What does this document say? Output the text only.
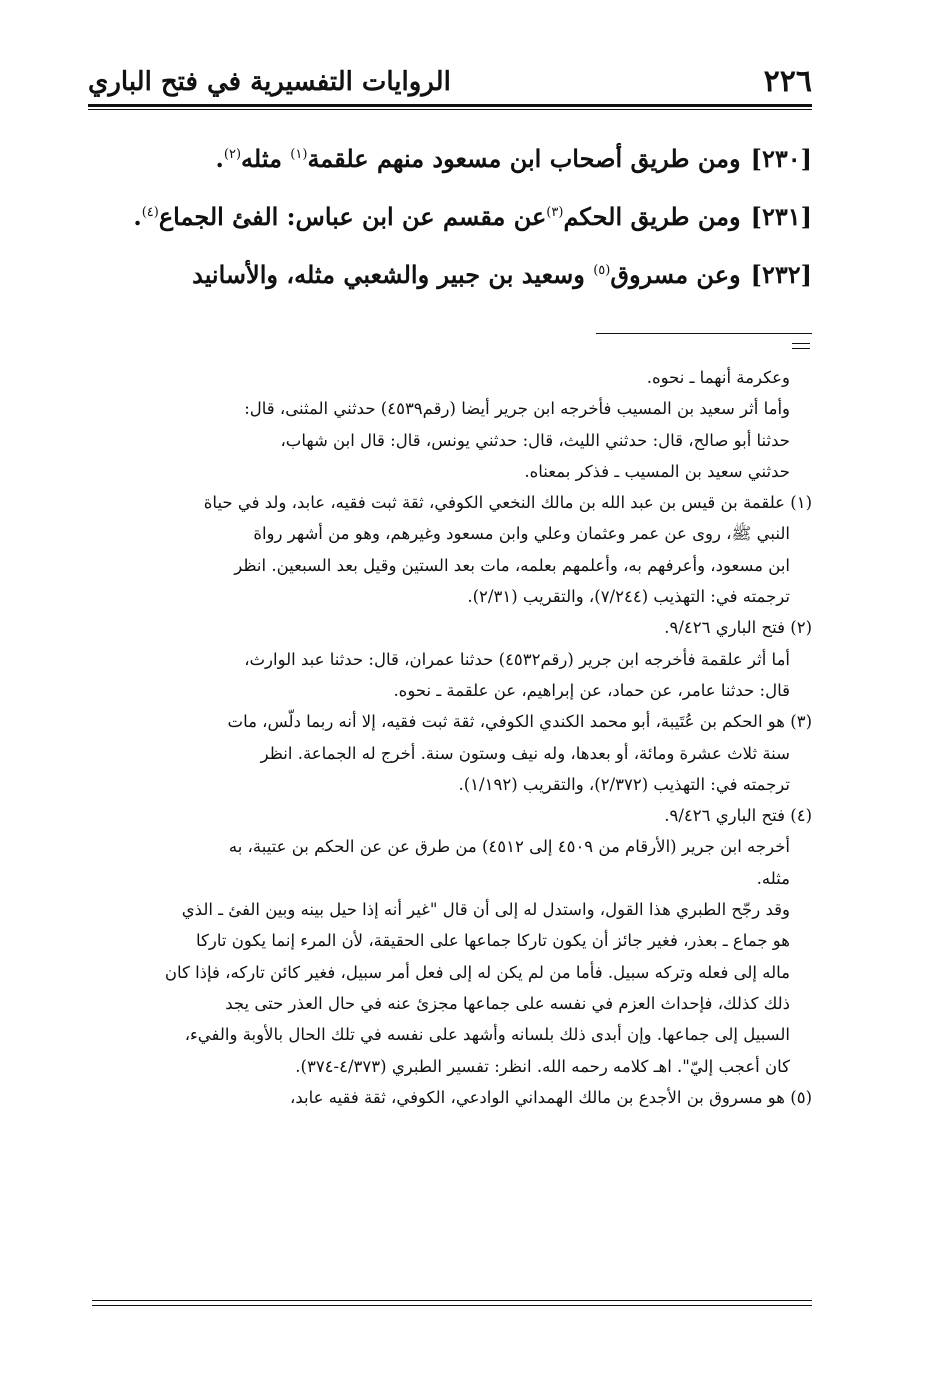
٢٢٦
الروايات التفسيرية في فتح الباري
[٢٣٠]ومن طريق أصحاب ابن مسعود منهم علقمة$^{(١)}$ مثله$^{(٢)}$.
[٢٣١]ومن طريق الحكم$^{(٣)}$عن مقسم عن ابن عباس: الفئ الجماع$^{(٤)}$.
[٢٣٢]وعن مسروق$^{(٥)}$ وسعيد بن جبير والشعبي مثله، والأسانيد
وعكرمة أنهما ـ نحوه.
وأما أثر سعيد بن المسيب فأخرجه ابن جرير أيضا (رقم٤٥٣٩) حدثني المثنى، قال:
حدثنا أبو صالح، قال: حدثني الليث، قال: حدثني يونس، قال: قال ابن شهاب،
حدثني سعيد بن المسيب ـ فذكر بمعناه.
(١) علقمة بن قيس بن عبد الله بن مالك النخعي الكوفي، ثقة ثبت فقيه، عابد، ولد في حياة
النبي ﷺ، روى عن عمر وعثمان وعلي وابن مسعود وغيرهم، وهو من أشهر رواة
ابن مسعود، وأعرفهم به، وأعلمهم بعلمه، مات بعد الستين وقيل بعد السبعين. انظر
ترجمته في: التهذيب (٧/٢٤٤)، والتقريب (٢/٣١).
(٢) فتح الباري ٩/٤٢٦.
أما أثر علقمة فأخرجه ابن جرير (رقم٤٥٣٢) حدثنا عمران، قال: حدثنا عبد الوارث،
قال: حدثنا عامر، عن حماد، عن إبراهيم، عن علقمة ـ نحوه.
(٣) هو الحكم بن عُتَيبة، أبو محمد الكندي الكوفي، ثقة ثبت فقيه، إلا أنه ربما دلّس، مات
سنة ثلاث عشرة ومائة، أو بعدها، وله نيف وستون سنة. أخرج له الجماعة. انظر
ترجمته في: التهذيب (٢/٣٧٢)، والتقريب (١/١٩٢).
(٤) فتح الباري ٩/٤٢٦.
أخرجه ابن جرير (الأرقام من ٤٥٠٩ إلى ٤٥١٢) من طرق عن عن الحكم بن عتيبة، به
مثله.
وقد رجّح الطبري هذا القول، واستدل له إلى أن قال "غير أنه إذا حيل بينه وبين الفئ ـ الذي
هو جماع ـ بعذر، فغير جائز أن يكون تاركا جماعها على الحقيقة، لأن المرء إنما يكون تاركا
ماله إلى فعله وتركه سبيل. فأما من لم يكن له إلى فعل أمر سبيل، فغير كائن تاركه، فإذا كان
ذلك كذلك، فإحداث العزم في نفسه على جماعها مجزئ عنه في حال العذر حتى يجد
السبيل إلى جماعها. وإن أبدى ذلك بلسانه وأشهد على نفسه في تلك الحال بالأوبة والفيء،
كان أعجب إليّ". اهـ كلامه رحمه الله. انظر: تفسير الطبري (٤/٣٧٣-٣٧٤).
(٥) هو مسروق بن الأجدع بن مالك الهمداني الوادعي، الكوفي، ثقة فقيه عابد،
